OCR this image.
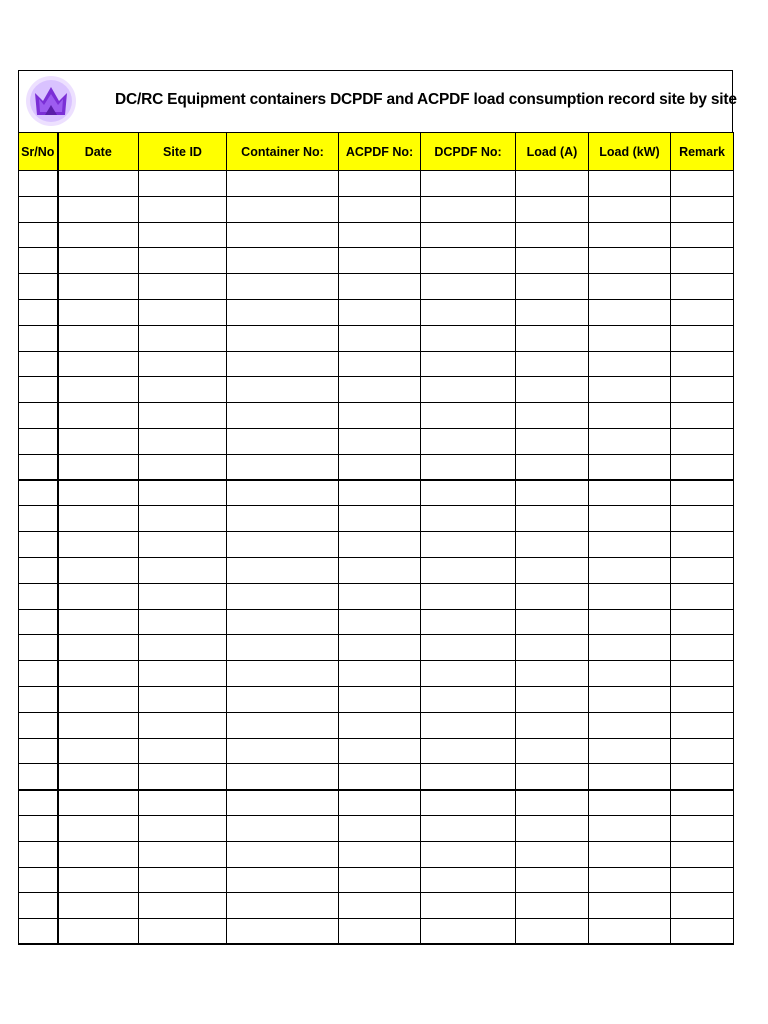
DC/RC Equipment containers DCPDF and ACPDF load consumption record site by site
Sr/No	Date	Site ID	Container No:	ACPDF No:	DCPDF No:	Load (A)	Load (kW)	Remark
